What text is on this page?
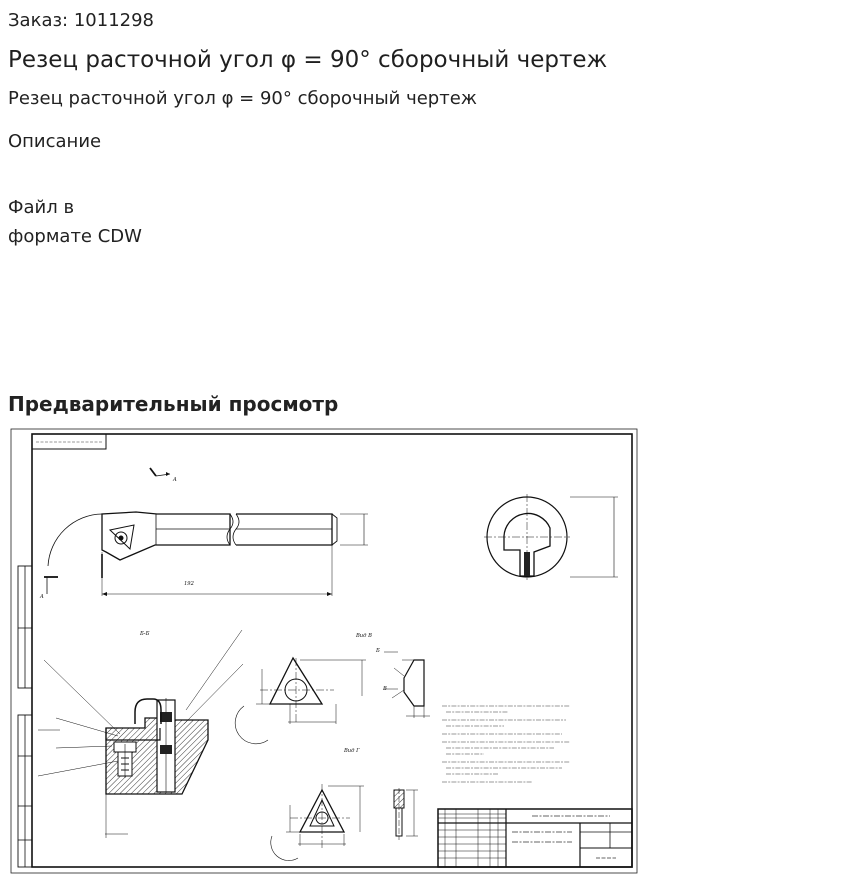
Заказ: 1011298
Резец расточной угол φ = 90° сборочный чертеж
Резец расточной угол φ = 90° сборочный чертеж
Описание
Файл в
формате CDW
Предварительный просмотр
Б-Б	Вид В
Вид Г
Б
В
192
A
A
